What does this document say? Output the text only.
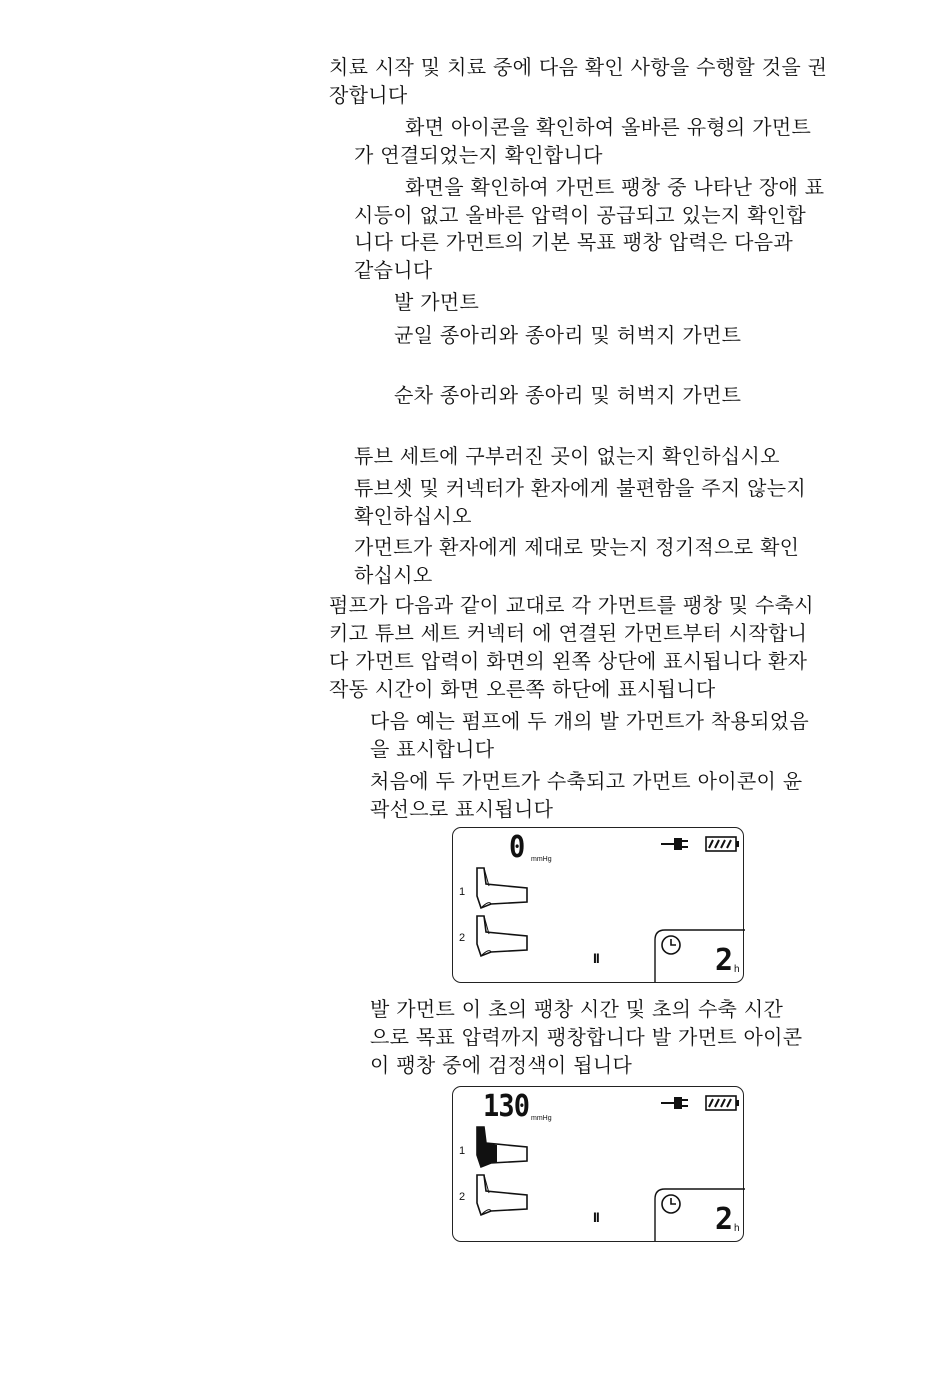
치료 시작 및 치료 중에 다음 확인 사항을 수행할 것을 권

장합니다

화면 아이콘을 확인하여 올바른 유형의 가먼트

가 연결되었는지 확인합니다

화면을 확인하여 가먼트 팽창 중 나타난 장애 표

시등이 없고 올바른 압력이 공급되고 있는지 확인합

니다 다른 가먼트의 기본 목표 팽창 압력은 다음과

같습니다

발 가먼트

균일 종아리와 종아리 및 허벅지 가먼트

순차 종아리와 종아리 및 허벅지 가먼트

튜브 세트에 구부러진 곳이 없는지 확인하십시오

튜브셋 및 커넥터가 환자에게 불편함을 주지 않는지

확인하십시오

가먼트가 환자에게 제대로 맞는지 정기적으로 확인

하십시오

펌프가 다음과 같이 교대로 각 가먼트를 팽창 및 수축시

키고 튜브 세트 커넥터 에 연결된 가먼트부터 시작합니

다 가먼트 압력이 화면의 왼쪽 상단에 표시됩니다 환자

작동 시간이 화면 오른쪽 하단에 표시됩니다

다음 예는 펌프에 두 개의 발 가먼트가 착용되었음

을 표시합니다

처음에 두 가먼트가 수축되고 가먼트 아이콘이 윤

곽선으로 표시됩니다

0 mmHg
1
2
II	2 h

발 가먼트 이 초의 팽창 시간 및 초의 수축 시간

으로 목표 압력까지 팽창합니다 발 가먼트 아이콘

이 팽창 중에 검정색이 됩니다

130 mmHg
1
2
II	2 h
